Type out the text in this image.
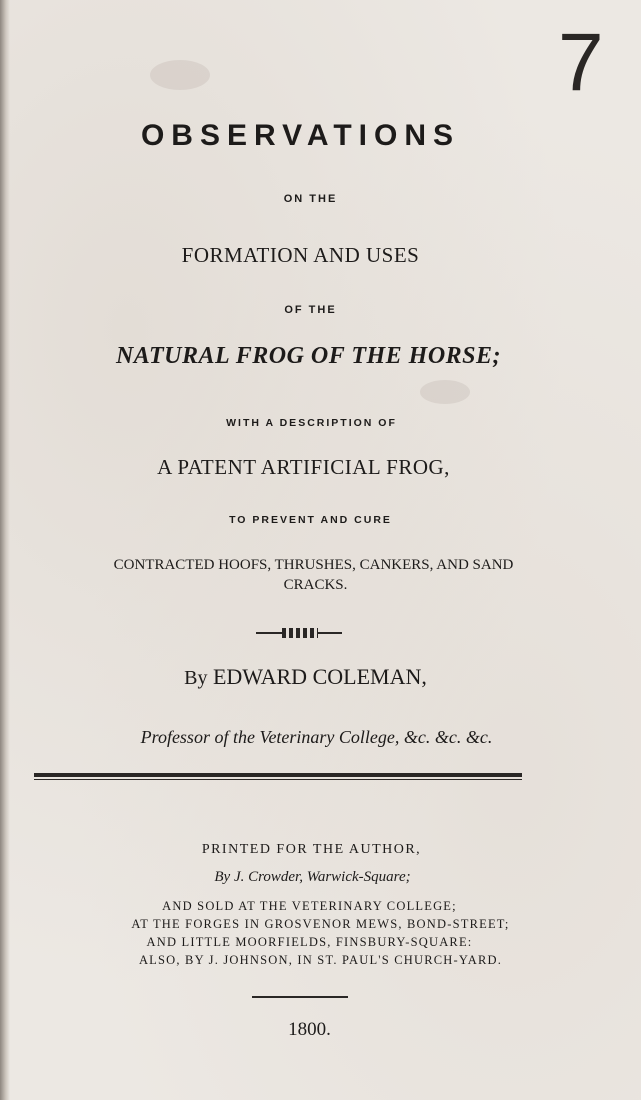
7
OBSERVATIONS
ON THE
FORMATION AND USES
OF THE
NATURAL FROG OF THE HORSE;
WITH A DESCRIPTION OF
A PATENT ARTIFICIAL FROG,
TO PREVENT AND CURE
CONTRACTED HOOFS, THRUSHES, CANKERS, AND SAND
CRACKS.
By EDWARD COLEMAN,
Professor of the Veterinary College, &c. &c. &c.
PRINTED FOR THE AUTHOR,
By J. Crowder, Warwick-Square;
AND SOLD AT THE VETERINARY COLLEGE;
AT THE FORGES IN GROSVENOR MEWS, BOND-STREET;
AND LITTLE MOORFIELDS, FINSBURY-SQUARE:
ALSO, BY J. JOHNSON, IN ST. PAUL'S CHURCH-YARD.
1800.
